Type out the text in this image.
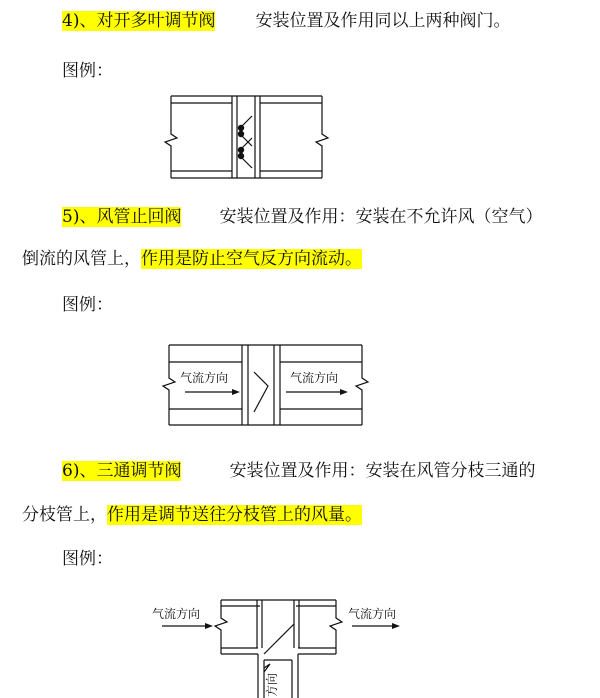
4)、对开多叶调节阀 安装位置及作用同以上两种阀门。
图例：
5)、风管止回阀 安装位置及作用：安装在不允许风（空气）
倒流的风管上，作用是防止空气反方向流动。
图例：
气流方向	气流方向
6)、三通调节阀	安装位置及作用：安装在风管分枝三通的
分枝管上，作用是调节送往分枝管上的风量。
图例：
气流方向	气流方向
方向
